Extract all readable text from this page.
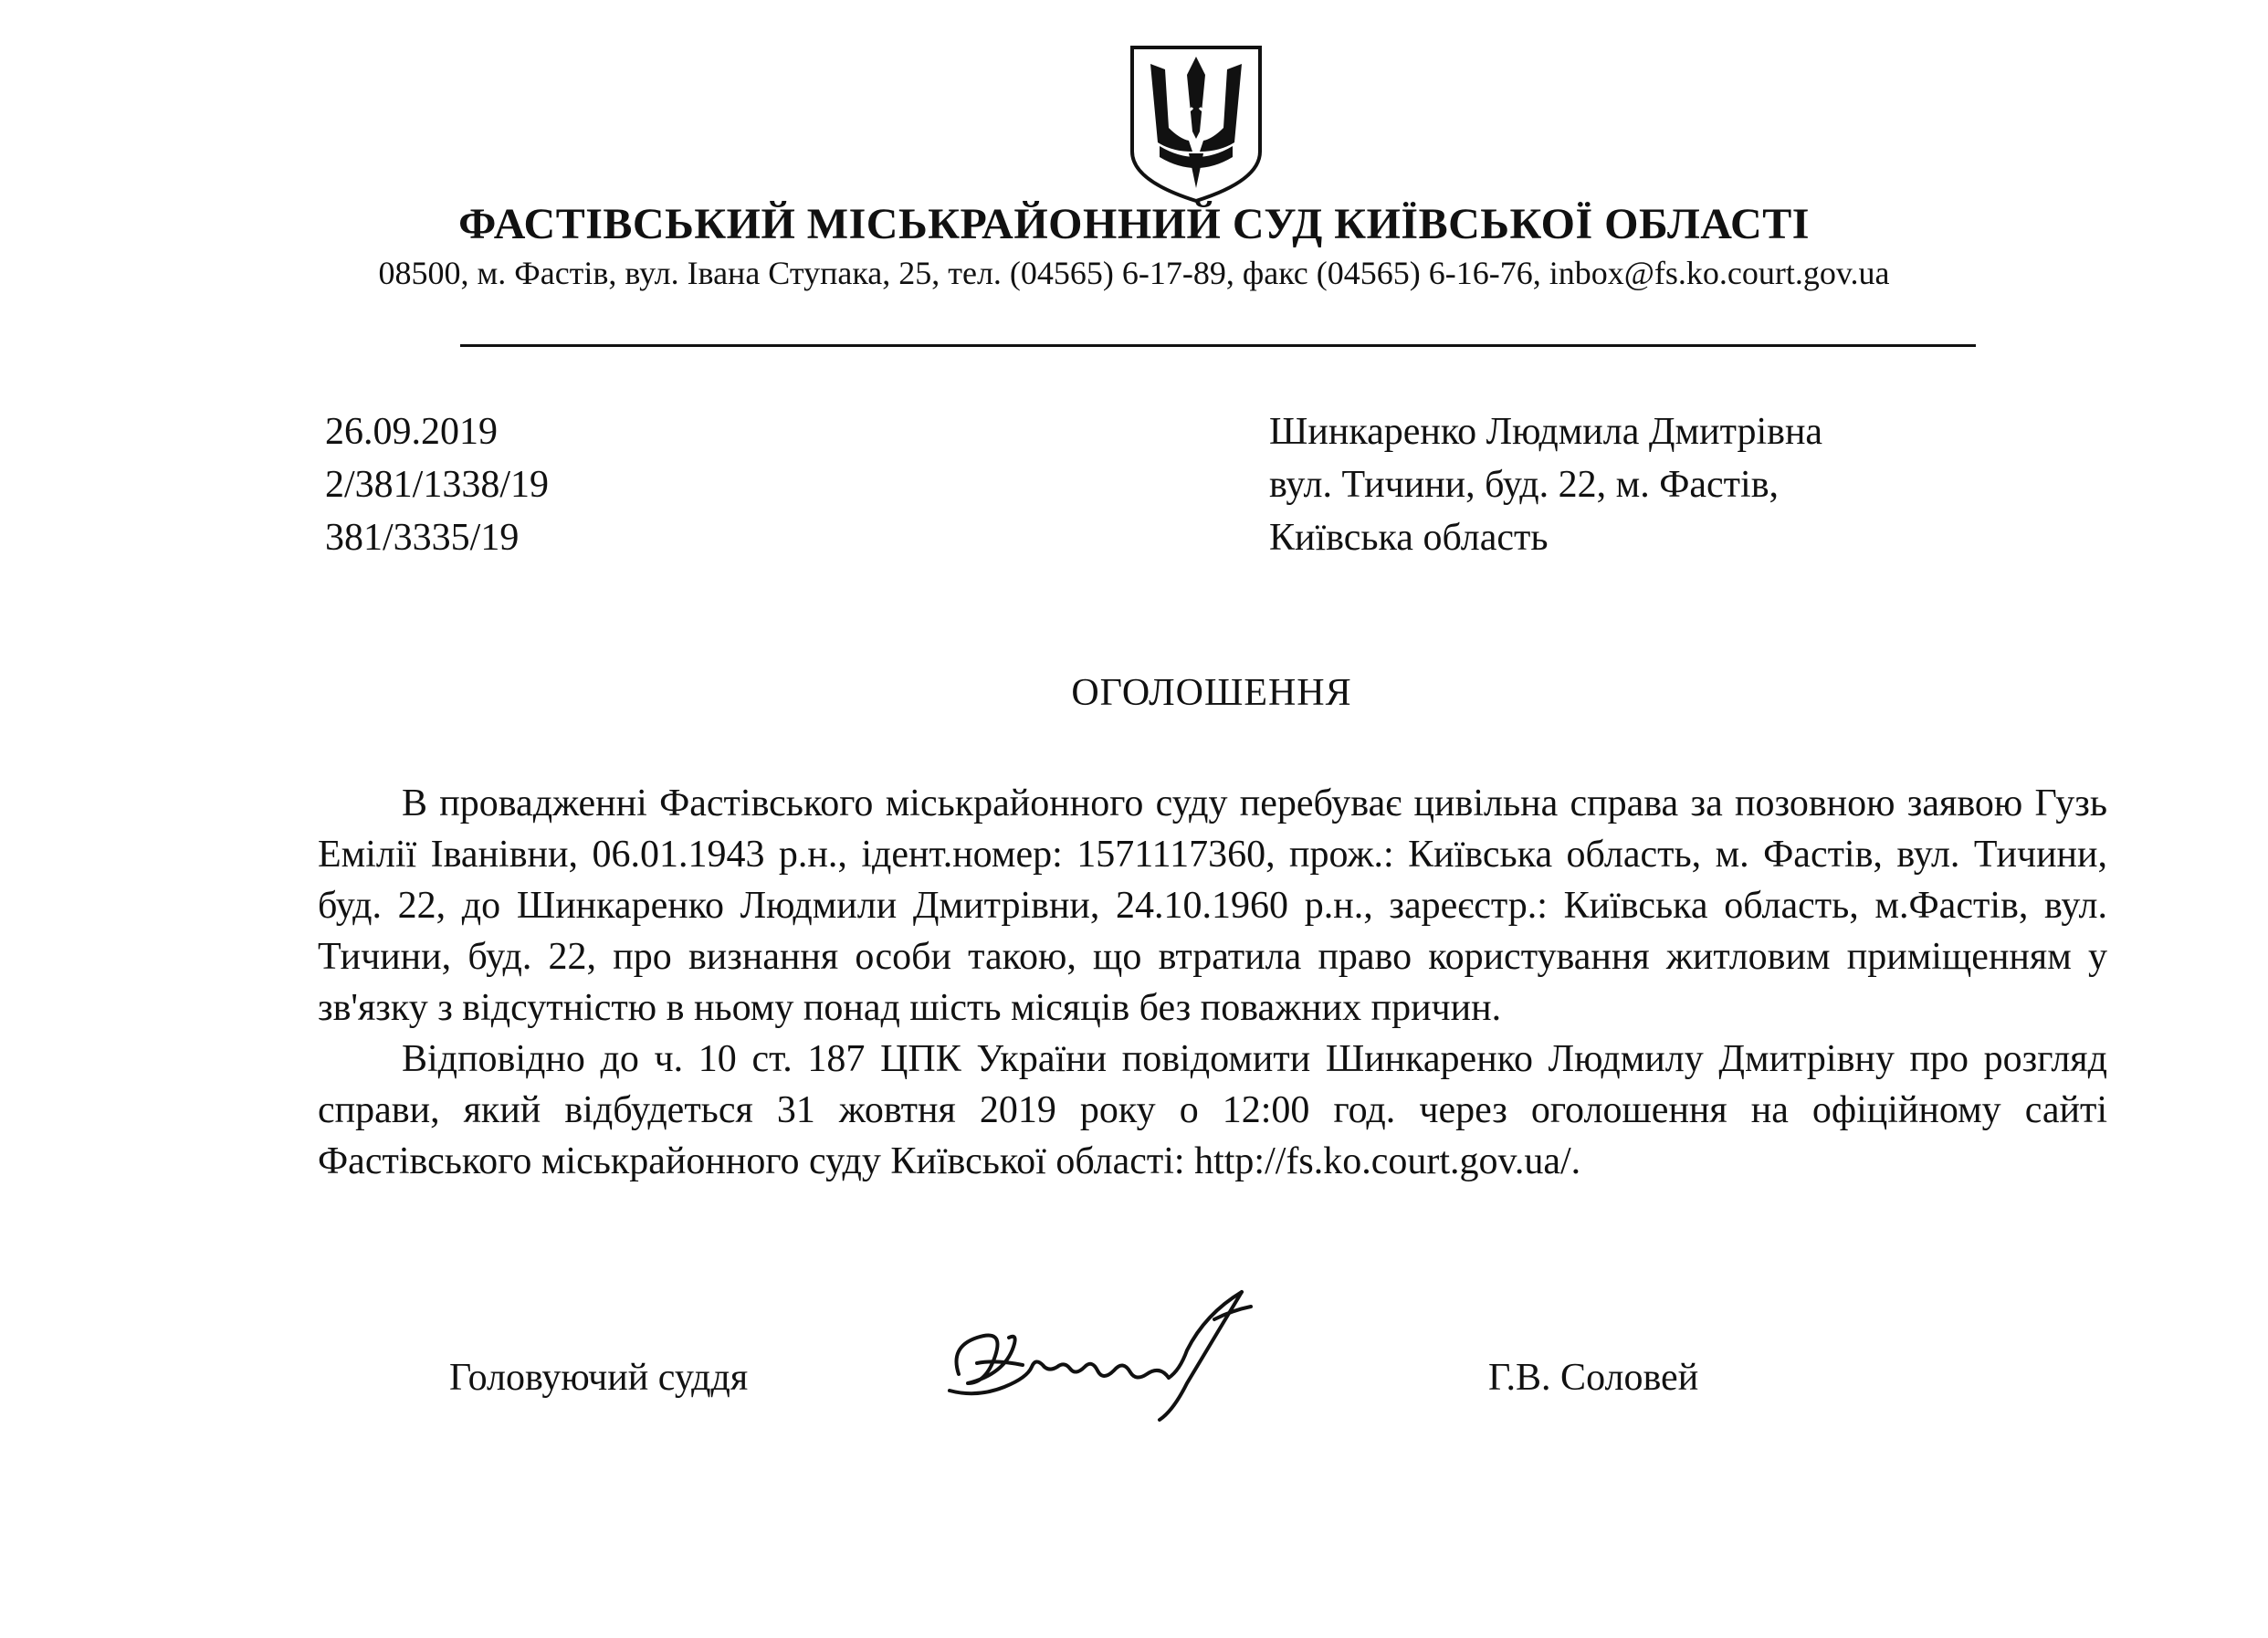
ФАСТІВСЬКИЙ МІСЬКРАЙОННИЙ СУД КИЇВСЬКОЇ ОБЛАСТІ
08500, м. Фастів, вул. Івана Ступака, 25, тел. (04565) 6-17-89, факс (04565) 6-16-76, inbox@fs.ko.court.gov.ua
26.09.2019
2/381/1338/19
381/3335/19
Шинкаренко Людмила Дмитрівна
вул. Тичини, буд. 22, м. Фастів,
Київська область
ОГОЛОШЕННЯ

В провадженні Фастівського міськрайонного суду перебуває цивільна справа за позовною заявою Гузь Емілії Іванівни, 06.01.1943 р.н., ідент.номер: 1571117360, прож.: Київська область, м. Фастів, вул. Тичини, буд. 22, до Шинкаренко Людмили Дмитрівни, 24.10.1960 р.н., зареєстр.: Київська область, м.Фастів, вул. Тичини, буд. 22, про визнання особи такою, що втратила право користування житловим приміщенням у зв'язку з відсутністю в ньому понад шість місяців без поважних причин.

Відповідно до ч. 10 ст. 187 ЦПК України повідомити Шинкаренко Людмилу Дмитрівну про розгляд справи, який відбудеться 31 жовтня 2019 року о 12:00 год. через оголошення на офіційному сайті Фастівського міськрайонного суду Київської області: http://fs.ko.court.gov.ua/.

Головуючий суддя	Г.В. Соловей
